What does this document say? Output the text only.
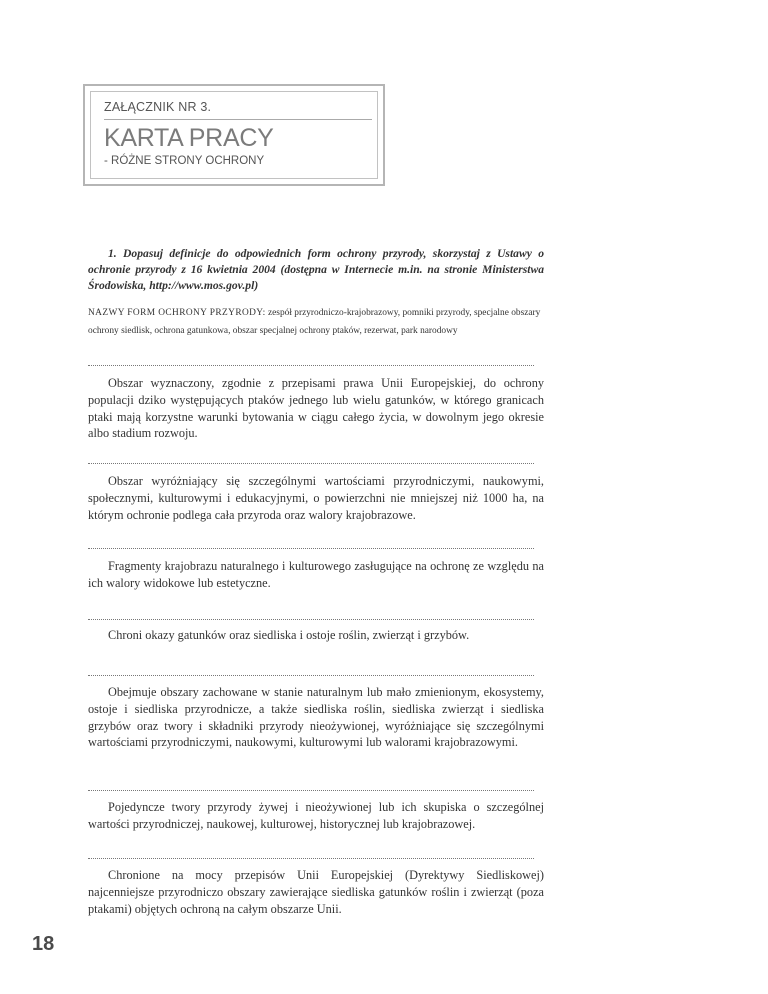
ZAŁĄCZNIK NR 3.
KARTA PRACY
- RÓŻNE STRONY OCHRONY
1. Dopasuj definicje do odpowiednich form ochrony przyrody, skorzystaj z Ustawy o ochronie przyrody z 16 kwietnia 2004 (dostępna w Internecie m.in. na stronie Ministerstwa Środowiska, http://www.mos.gov.pl)
NAZWY FORM OCHRONY PRZYRODY: zespół przyrodniczo-krajobrazowy, pomniki przyrody, specjalne obszary ochrony siedlisk, ochrona gatunkowa, obszar specjalnej ochrony ptaków, rezerwat, park narodowy
Obszar wyznaczony, zgodnie z przepisami prawa Unii Europejskiej, do ochrony populacji dziko występujących ptaków jednego lub wielu gatunków, w którego granicach ptaki mają korzystne warunki bytowania w ciągu całego życia, w dowolnym jego okresie albo stadium rozwoju.
Obszar wyróżniający się szczególnymi wartościami przyrodniczymi, naukowymi, społecznymi, kulturowymi i edukacyjnymi, o powierzchni nie mniejszej niż 1000 ha, na którym ochronie podlega cała przyroda oraz walory krajobrazowe.
Fragmenty krajobrazu naturalnego i kulturowego zasługujące na ochronę ze względu na ich walory widokowe lub estetyczne.
Chroni okazy gatunków oraz siedliska i ostoje roślin, zwierząt i grzybów.
Obejmuje obszary zachowane w stanie naturalnym lub mało zmienionym, ekosystemy, ostoje i siedliska przyrodnicze, a także siedliska roślin, siedliska zwierząt i siedliska grzybów oraz twory i składniki przyrody nieożywionej, wyróżniające się szczególnymi wartościami przyrodniczymi, naukowymi, kulturowymi lub walorami krajobrazowymi.
Pojedyncze twory przyrody żywej i nieożywionej lub ich skupiska o szczególnej wartości przyrodniczej, naukowej, kulturowej, historycznej lub krajobrazowej.
Chronione na mocy przepisów Unii Europejskiej (Dyrektywy Siedliskowej) najcenniejsze przyrodniczo obszary zawierające siedliska gatunków roślin i zwierząt (poza ptakami) objętych ochroną na całym obszarze Unii.
18
